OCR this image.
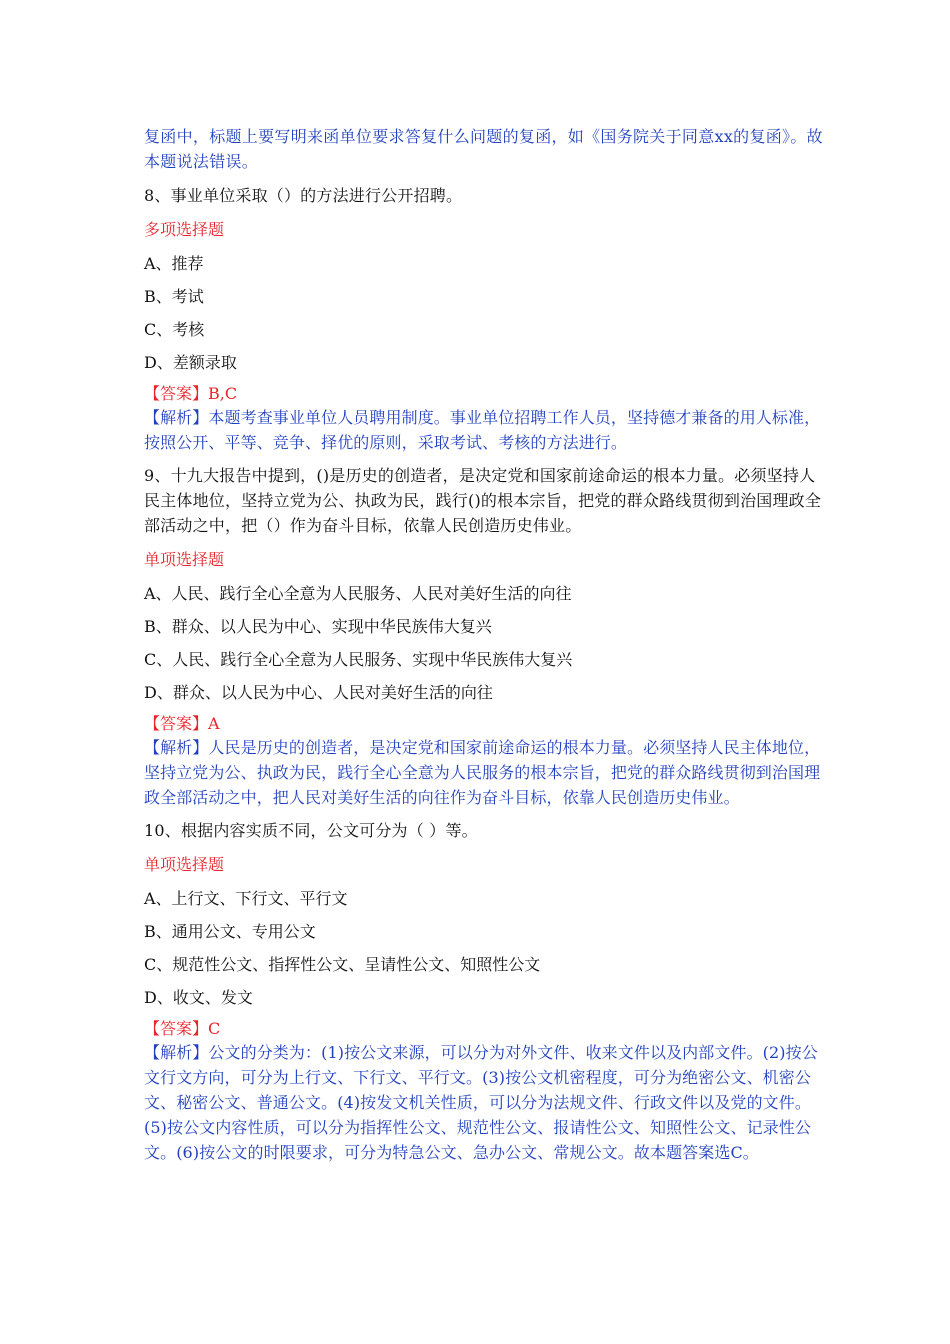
复函中，标题上要写明来函单位要求答复什么问题的复函，如《国务院关于同意xx的复函》。故本题说法错误。

8、事业单位采取（）的方法进行公开招聘。

多项选择题

A、推荐

B、考试

C、考核

D、差额录取

【答案】B,C

【解析】本题考查事业单位人员聘用制度。事业单位招聘工作人员，坚持德才兼备的用人标准，按照公开、平等、竞争、择优的原则，采取考试、考核的方法进行。

9、十九大报告中提到，()是历史的创造者，是决定党和国家前途命运的根本力量。必须坚持人民主体地位，坚持立党为公、执政为民，践行()的根本宗旨，把党的群众路线贯彻到治国理政全部活动之中，把（）作为奋斗目标，依靠人民创造历史伟业。

单项选择题

A、人民、践行全心全意为人民服务、人民对美好生活的向往

B、群众、以人民为中心、实现中华民族伟大复兴

C、人民、践行全心全意为人民服务、实现中华民族伟大复兴

D、群众、以人民为中心、人民对美好生活的向往

【答案】A

【解析】人民是历史的创造者，是决定党和国家前途命运的根本力量。必须坚持人民主体地位，坚持立党为公、执政为民，践行全心全意为人民服务的根本宗旨，把党的群众路线贯彻到治国理政全部活动之中，把人民对美好生活的向往作为奋斗目标，依靠人民创造历史伟业。

10、根据内容实质不同，公文可分为（ ）等。

单项选择题

A、上行文、下行文、平行文

B、通用公文、专用公文

C、规范性公文、指挥性公文、呈请性公文、知照性公文

D、收文、发文

【答案】C

【解析】公文的分类为：(1)按公文来源，可以分为对外文件、收来文件以及内部文件。(2)按公文行文方向，可分为上行文、下行文、平行文。(3)按公文机密程度，可分为绝密公文、机密公文、秘密公文、普通公文。(4)按发文机关性质，可以分为法规文件、行政文件以及党的文件。(5)按公文内容性质，可以分为指挥性公文、规范性公文、报请性公文、知照性公文、记录性公文。(6)按公文的时限要求，可分为特急公文、急办公文、常规公文。故本题答案选C。
